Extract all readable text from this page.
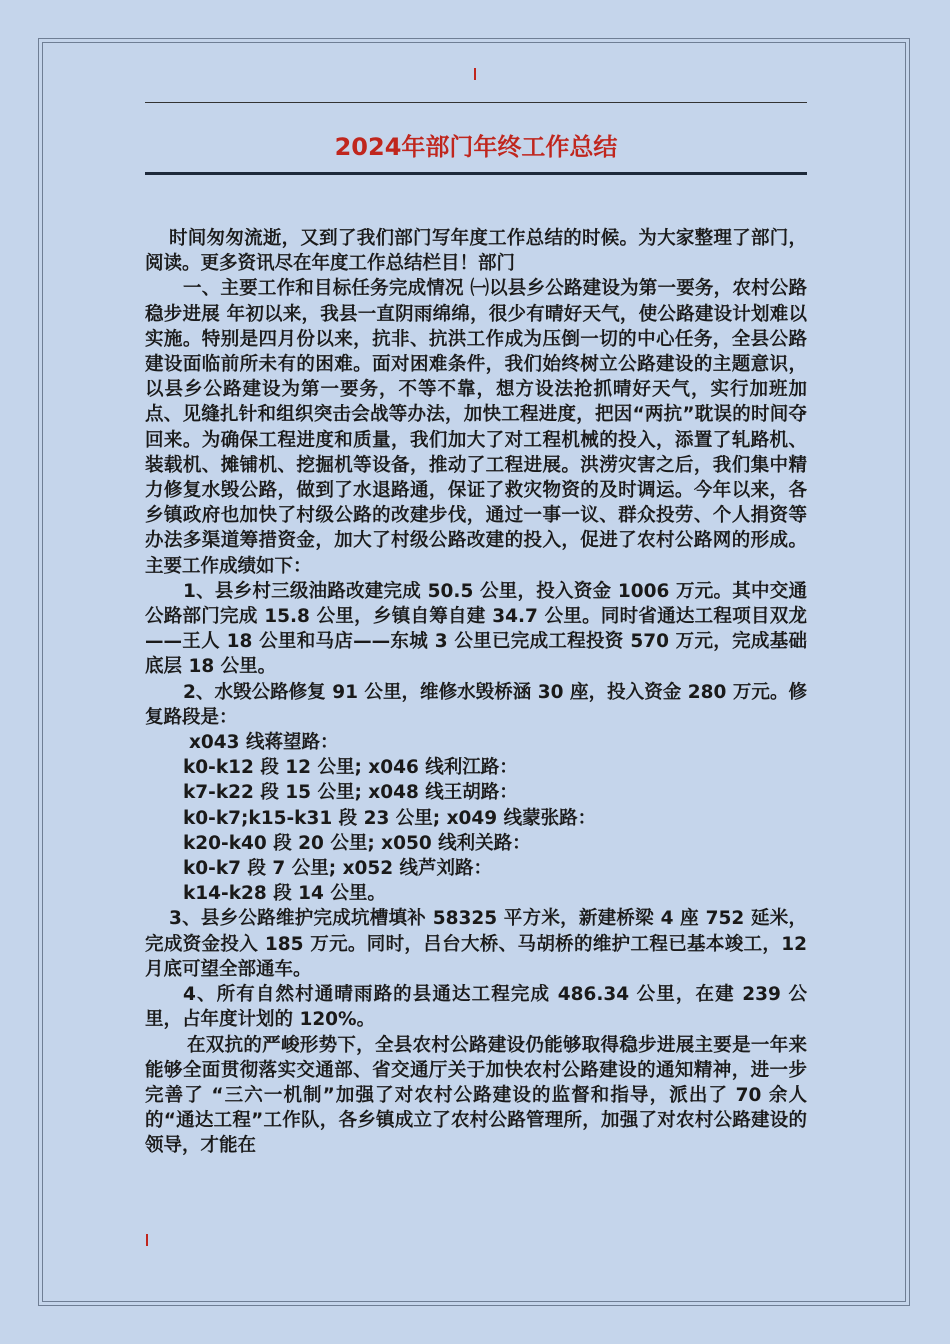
2024年部门年终工作总结

时间匆匆流逝，又到了我们部门写年度工作总结的时候。为大家整理了部门，阅读。更多资讯尽在年度工作总结栏目！部门

一、主要工作和目标任务完成情况 ㈠以县乡公路建设为第一要务，农村公路稳步进展 年初以来，我县一直阴雨绵绵，很少有晴好天气，使公路建设计划难以实施。特别是四月份以来，抗非、抗洪工作成为压倒一切的中心任务，全县公路建设面临前所未有的困难。面对困难条件，我们始终树立公路建设的主题意识，以县乡公路建设为第一要务，不等不靠，想方设法抢抓晴好天气，实行加班加点、见缝扎针和组织突击会战等办法，加快工程进度，把因“两抗”耽误的时间夺回来。为确保工程进度和质量，我们加大了对工程机械的投入，添置了轧路机、装载机、摊铺机、挖掘机等设备，推动了工程进展。洪涝灾害之后，我们集中精力修复水毁公路，做到了水退路通，保证了救灾物资的及时调运。今年以来，各乡镇政府也加快了村级公路的改建步伐，通过一事一议、群众投劳、个人捐资等办法多渠道筹措资金，加大了村级公路改建的投入，促进了农村公路网的形成。主要工作成绩如下：

1、县乡村三级油路改建完成 50.5 公里，投入资金 1006 万元。其中交通公路部门完成 15.8 公里，乡镇自筹自建 34.7 公里。同时省通达工程项目双龙——王人 18 公里和马店——东城 3 公里已完成工程投资 570 万元，完成基础底层 18 公里。

2、水毁公路修复 91 公里，维修水毁桥涵 30 座，投入资金 280 万元。修复路段是：

x043 线蒋望路：

k0-k12 段 12 公里; x046 线利江路：

k7-k22 段 15 公里; x048 线王胡路：

k0-k7;k15-k31 段 23 公里; x049 线蒙张路：

k20-k40 段 20 公里; x050 线利关路：

k0-k7 段 7 公里; x052 线芦刘路：

k14-k28 段 14 公里。

3、县乡公路维护完成坑槽填补 58325 平方米，新建桥梁 4 座 752 延米，完成资金投入 185 万元。同时，吕台大桥、马胡桥的维护工程已基本竣工，12 月底可望全部通车。

4、所有自然村通晴雨路的县通达工程完成 486.34 公里，在建 239 公里，占年度计划的 120%。

在双抗的严峻形势下，全县农村公路建设仍能够取得稳步进展主要是一年来能够全面贯彻落实交通部、省交通厅关于加快农村公路建设的通知精神，进一步完善了 “三六一机制”加强了对农村公路建设的监督和指导，派出了 70 余人的“通达工程”工作队，各乡镇成立了农村公路管理所，加强了对农村公路建设的领导，才能在
